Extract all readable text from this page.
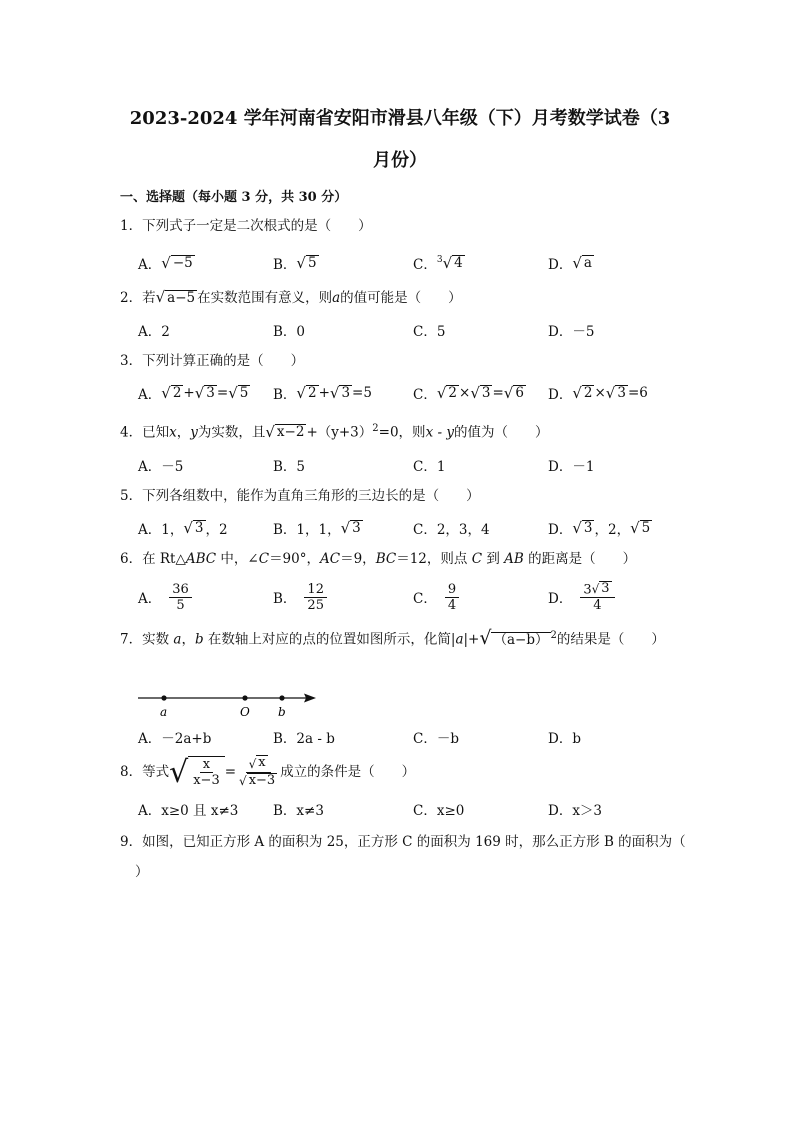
2023-2024 学年河南省安阳市滑县八年级（下）月考数学试卷（3
月份）
一、选择题（每小题 3 分，共 30 分）
1．下列式子一定是二次根式的是（　　）
A． √ −5	B． √ 5	C． 3 √ 4	D． √ a
2．若 √ a−5 在实数范围有意义，则a的值可能是（　　）
A．2	B．0	C．5	D．－5
3．下列计算正确的是（　　）
A． √ 2 + √ 3 = √ 5 B． √ 2 + √ 3 =5	C． √ 2 × √ 3 = √ 6 D． √ 2 × √ 3 =6
4．已知x，y为实数，且 √ $x-2 +(y+3)^2=0$，则x - y的值为（　　）
A．－5	B．5	C．1	D．－1
5．下列各组数中，能作为直角三角形的三边长的是（　　）
A．1， √ 3 ，2	B．1，1， √ 3	C．2，3，4	D． √ 3 ，2， √ 5
6．在 Rt△ABC 中，∠C＝90°，AC＝9，BC＝12，则点 C 到 AB 的距离是（　　）
A． $\frac{36}{5}$	B． $\frac{12}{25}$	C． $\frac{9}{4}$	D． $\frac{3 √ 3}{4}$
7．实数 a，b 在数轴上对应的点的位置如图所示，化简|a|+ √ （a−b） $^2$的结果是（　　）
a	O b
A．－2a+b	B．2a - b	C．－b	D．b
8．等式 √ $\frac{x}{x-3} = \frac{√ x}{√ x-3}$ 成立的条件是（　　）
A．x≥0 且 x≠3	B．x≠3	C．x≥0	D．x＞3
9．如图，已知正方形 A 的面积为 25，正方形 C 的面积为 169 时，那么正方形 B 的面积为（
）
